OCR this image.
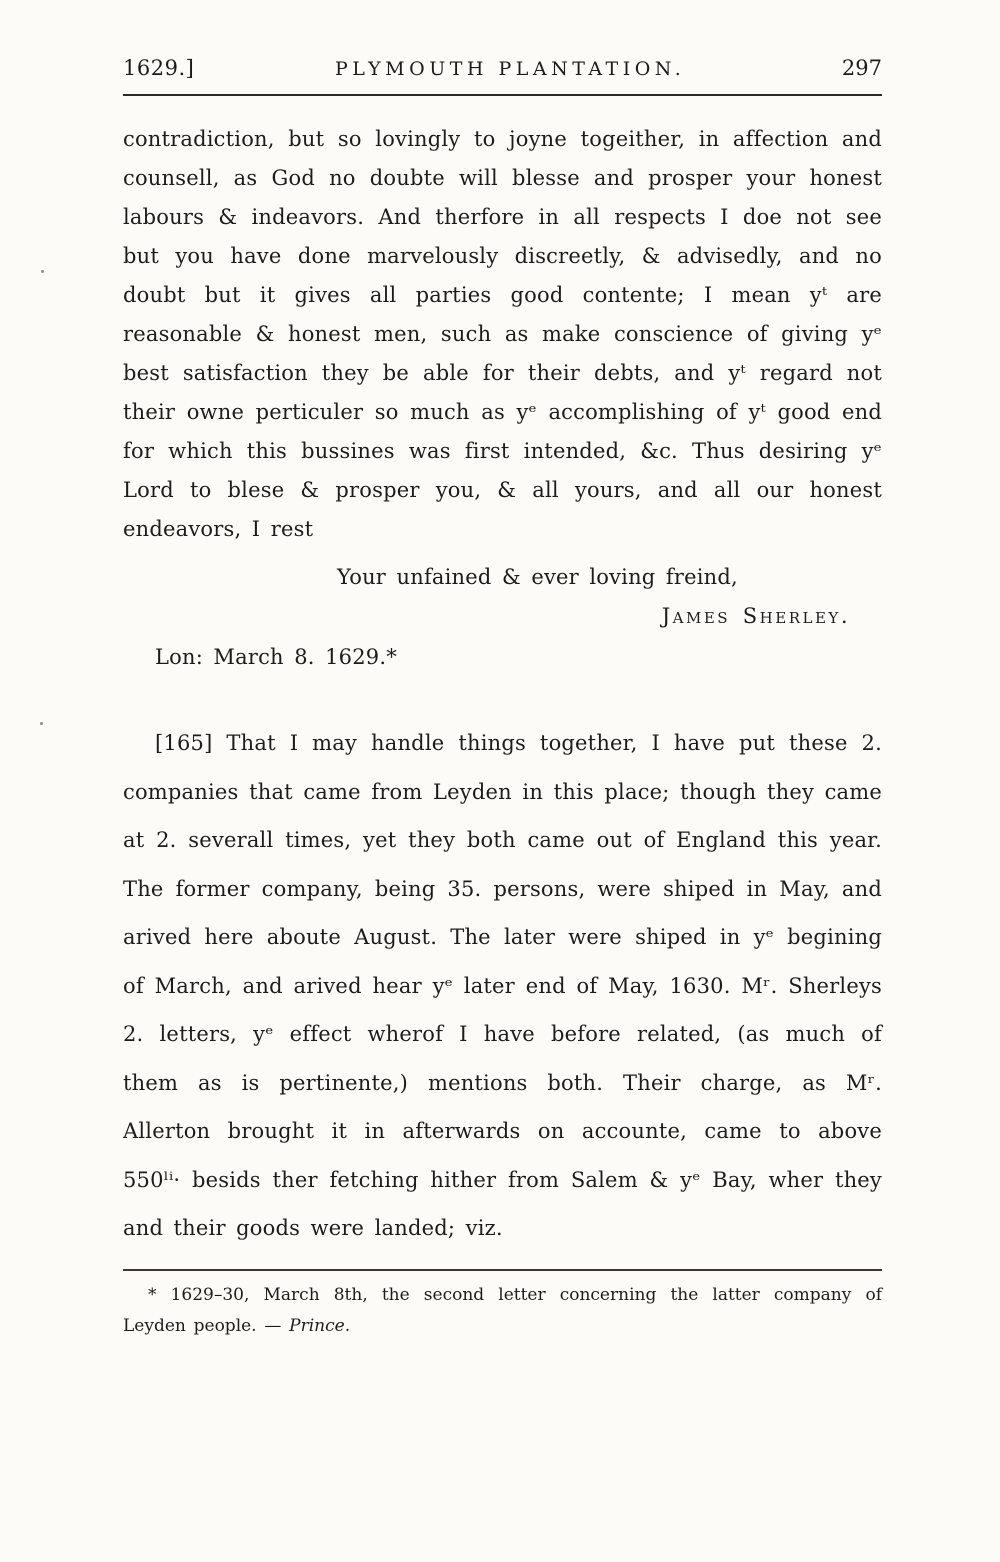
1629.]	PLYMOUTH PLANTATION.	297

contradiction, but so lovingly to joyne togeither, in affection and counsell, as God no doubte will blesse and prosper your honest labours & indeavors. And therfore in all respects I doe not see but you have done marvelously discreetly, & advisedly, and no doubt but it gives all parties good contente; I mean yᵗ are reasonable & honest men, such as make conscience of giving yᵉ best satisfaction they be able for their debts, and yᵗ regard not their owne perticuler so much as yᵉ accomplishing of yᵗ good end for which this bussines was first intended, &c. Thus desiring yᵉ Lord to blese & prosper you, & all yours, and all our honest endeavors, I rest

Your unfained & ever loving freind,

James Sherley.

Lon: March 8. 1629.*

[165] That I may handle things together, I have put these 2. companies that came from Leyden in this place; though they came at 2. severall times, yet they both came out of England this year. The former company, being 35. persons, were shiped in May, and arived here aboute August. The later were shiped in yᵉ begining of March, and arived hear yᵉ later end of May, 1630. Mʳ. Sherleys 2. letters, yᵉ effect wherof I have before related, (as much of them as is pertinente,) mentions both. Their charge, as Mʳ. Allerton brought it in afterwards on accounte, came to above 550ˡⁱ· besids ther fetching hither from Salem & yᵉ Bay, wher they and their goods were landed; viz.

* 1629–30, March 8th, the second letter concerning the latter company of Leyden people. — Prince.
